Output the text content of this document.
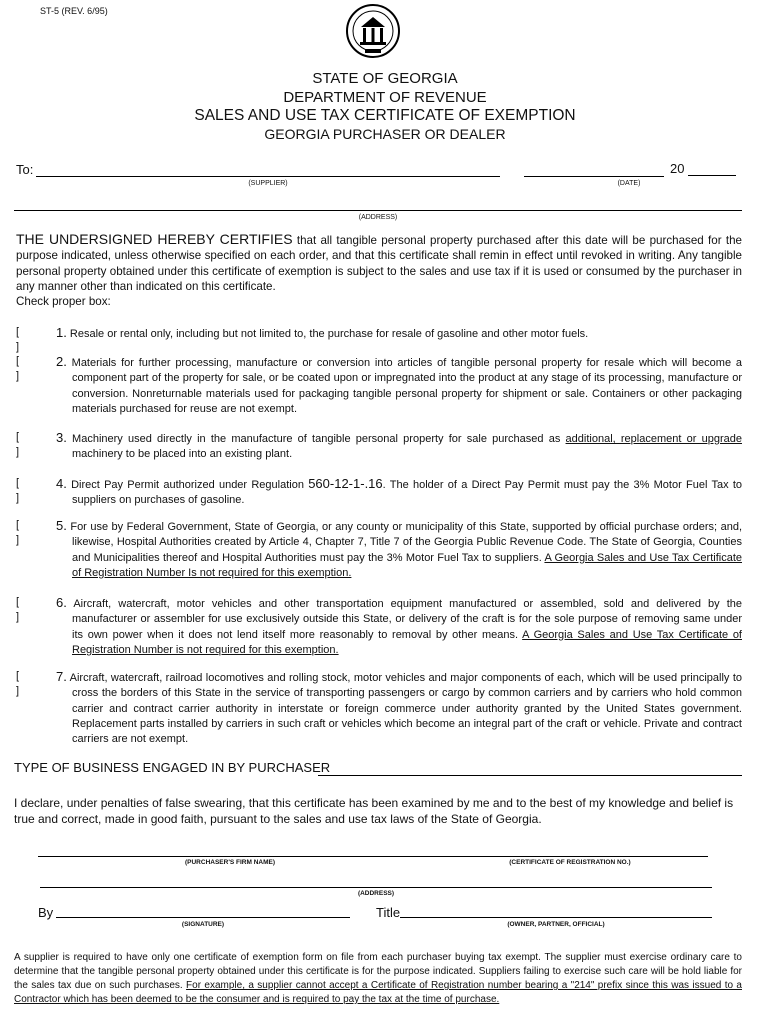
ST-5 (REV. 6/95)
STATE OF GEORGIA
DEPARTMENT OF REVENUE
SALES AND USE TAX CERTIFICATE OF EXEMPTION
GEORGIA PURCHASER OR DEALER
To:
(SUPPLIER)
20
(DATE)
(ADDRESS)
THE UNDERSIGNED HEREBY CERTIFIES that all tangible personal property purchased after this date will be purchased for the purpose indicated, unless otherwise specified on each order, and that this certificate shall remin in effect until revoked in writing. Any tangible personal property obtained under this certificate of exemption is subject to the sales and use tax if it is used or consumed by the purchaser in any manner other than indicated on this certificate.
Check proper box:
[ ]
1. Resale or rental only, including but not limited to, the purchase for resale of gasoline and other motor fuels.
[ ]
2. Materials for further processing, manufacture or conversion into articles of tangible personal property for resale which will become a component part of the property for sale, or be coated upon or impregnated into the product at any stage of its processing, manufacture or conversion. Nonreturnable materials used for packaging tangible personal property for shipment or sale. Containers or other packaging materials purchased for reuse are not exempt.
[ ]
3. Machinery used directly in the manufacture of tangible personal property for sale purchased as additional, replacement or upgrade machinery to be placed into an existing plant.
[ ]
4. Direct Pay Permit authorized under Regulation 560-12-1-.16. The holder of a Direct Pay Permit must pay the 3% Motor Fuel Tax to suppliers on purchases of gasoline.
[ ]
5. For use by Federal Government, State of Georgia, or any county or municipality of this State, supported by official purchase orders; and, likewise, Hospital Authorities created by Article 4, Chapter 7, Title 7 of the Georgia Public Revenue Code. The State of Georgia, Counties and Municipalities thereof and Hospital Authorities must pay the 3% Motor Fuel Tax to suppliers. A Georgia Sales and Use Tax Certificate of Registration Number Is not required for this exemption.
[ ]
6. Aircraft, watercraft, motor vehicles and other transportation equipment manufactured or assembled, sold and delivered by the manufacturer or assembler for use exclusively outside this State, or delivery of the craft is for the sole purpose of removing same under its own power when it does not lend itself more reasonably to removal by other means. A Georgia Sales and Use Tax Certificate of Registration Number is not required for this exemption.
[ ]
7. Aircraft, watercraft, railroad locomotives and rolling stock, motor vehicles and major components of each, which will be used principally to cross the borders of this State in the service of transporting passengers or cargo by common carriers and by carriers who hold common carrier and contract carrier authority in interstate or foreign commerce under authority granted by the United States government. Replacement parts installed by carriers in such craft or vehicles which become an integral part of the craft or vehicle. Private and contract carriers are not exempt.
TYPE OF BUSINESS ENGAGED IN BY PURCHASER
I declare, under penalties of false swearing, that this certificate has been examined by me and to the best of my knowledge and belief is true and correct, made in good faith, pursuant to the sales and use tax laws of the State of Georgia.
(PURCHASER'S FIRM NAME)	(CERTIFICATE OF REGISTRATION NO.)
(ADDRESS)
By
(SIGNATURE)
Title
(OWNER, PARTNER, OFFICIAL)
A supplier is required to have only one certificate of exemption form on file from each purchaser buying tax exempt. The supplier must exercise ordinary care to determine that the tangible personal property obtained under this certificate is for the purpose indicated. Suppliers failing to exercise such care will be hold liable for the sales tax due on such purchases. For example, a supplier cannot accept a Certificate of Registration number bearing a "214" prefix since this was issued to a Contractor which has been deemed to be the consumer and is required to pay the tax at the time of purchase.
